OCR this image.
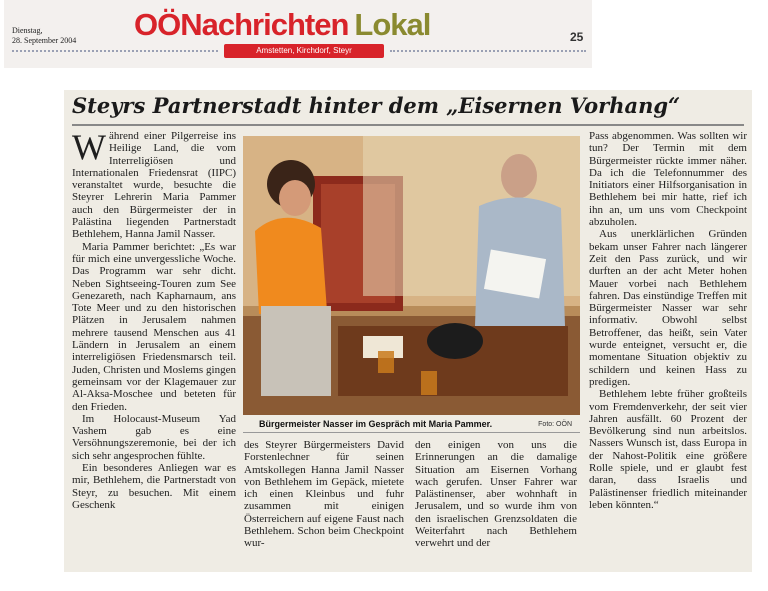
Dienstag,
28. September 2004 OÖNachrichten Lokal	25
Amstetten, Kirchdorf, Steyr
Steyrs Partnerstadt hinter dem „Eisernen Vorhang“

Während einer Pilgerreise ins Heilige Land, die vom Interreligiösen und Internationalen Friedensrat (IIPC) veranstaltet wurde, besuchte die Steyrer Lehrerin Maria Pammer auch den Bürgermeister der in Palästina liegenden Partnerstadt Bethlehem, Hanna Jamil Nasser.

Maria Pammer berichtet: „Es war für mich eine unvergessliche Woche. Das Programm war sehr dicht. Neben Sightseeing-Touren zum See Genezareth, nach Kapharnaum, ans Tote Meer und zu den historischen Plätzen in Jerusalem nahmen mehrere tausend Menschen aus 41 Ländern in Jerusalem an einem interreligiösen Friedensmarsch teil. Juden, Christen und Moslems gingen gemeinsam vor der Klagemauer zur Al-Aksa-Moschee und beteten für den Frieden.

Im Holocaust-Museum Yad Vashem gab es eine Versöhnungszeremonie, bei der ich sich sehr angesprochen fühlte.

Ein besonderes Anliegen war es mir, Bethlehem, die Partnerstadt von Steyr, zu besuchen. Mit einem Geschenk

Bürgermeister Nasser im Gespräch mit Maria Pammer.	Foto: OÖN

des Steyrer Bürgermeisters David Forstenlechner für seinen Amtskollegen Hanna Jamil Nasser von Bethlehem im Gepäck, mietete ich einen Kleinbus und fuhr zusammen mit einigen Österreichern auf eigene Faust nach Bethlehem. Schon beim Checkpoint wur-

den einigen von uns die Erinnerungen an die damalige Situation am Eisernen Vorhang wach gerufen. Unser Fahrer war Palästinenser, aber wohnhaft in Jerusalem, und so wurde ihm von den israelischen Grenzsoldaten die Weiterfahrt nach Bethlehem verwehrt und der

Pass abgenommen. Was sollten wir tun? Der Termin mit dem Bürgermeister rückte immer näher. Da ich die Telefonnummer des Initiators einer Hilfsorganisation in Bethlehem bei mir hatte, rief ich ihn an, um uns vom Checkpoint abzuholen.

Aus unerklärlichen Gründen bekam unser Fahrer nach längerer Zeit den Pass zurück, und wir durften an der acht Meter hohen Mauer vorbei nach Bethlehem fahren. Das einstündige Treffen mit Bürgermeister Nasser war sehr informativ. Obwohl selbst Betroffener, das heißt, sein Vater wurde enteignet, versucht er, die momentane Situation objektiv zu schildern und keinen Hass zu predigen.

Bethlehem lebte früher großteils vom Fremdenverkehr, der seit vier Jahren ausfällt. 60 Prozent der Bevölkerung sind nun arbeitslos. Nassers Wunsch ist, dass Europa in der Nahost-Politik eine größere Rolle spiele, und er glaubt fest daran, dass Israelis und Palästinenser friedlich miteinander leben könnten.“
